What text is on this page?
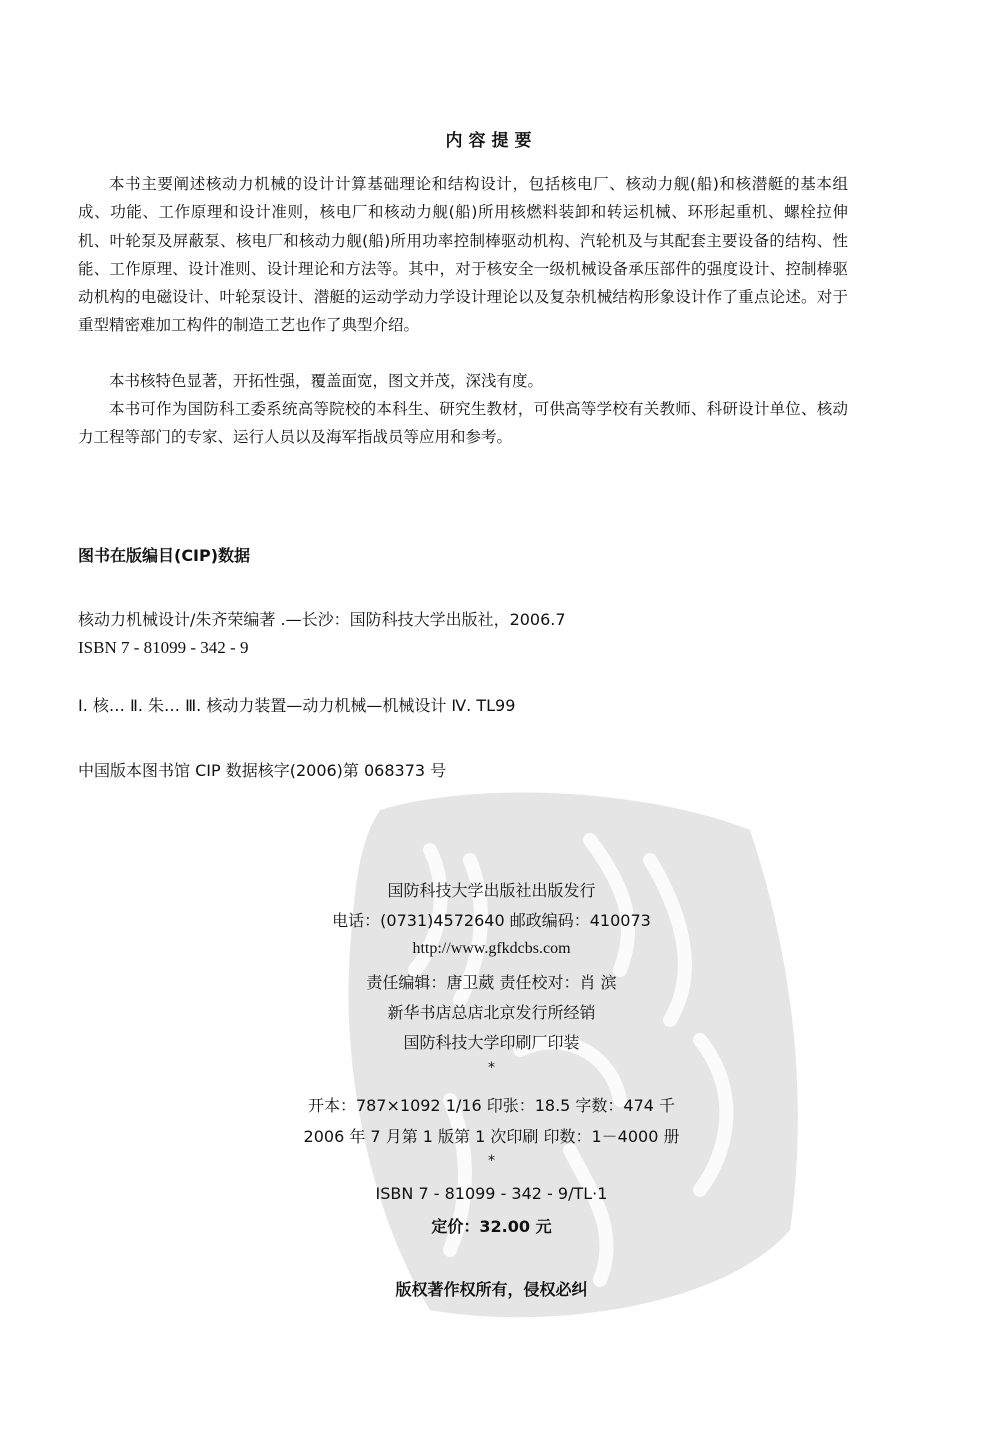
内容提要
本书主要阐述核动力机械的设计计算基础理论和结构设计，包括核电厂、核动力舰(船)和核潜艇的基本组成、功能、工作原理和设计准则，核电厂和核动力舰(船)所用核燃料装卸和转运机械、环形起重机、螺栓拉伸机、叶轮泵及屏蔽泵、核电厂和核动力舰(船)所用功率控制棒驱动机构、汽轮机及与其配套主要设备的结构、性能、工作原理、设计准则、设计理论和方法等。其中，对于核安全一级机械设备承压部件的强度设计、控制棒驱动机构的电磁设计、叶轮泵设计、潜艇的运动学动力学设计理论以及复杂机械结构形象设计作了重点论述。对于重型精密难加工构件的制造工艺也作了典型介绍。
本书核特色显著，开拓性强，覆盖面宽，图文并茂，深浅有度。
本书可作为国防科工委系统高等院校的本科生、研究生教材，可供高等学校有关教师、科研设计单位、核动力工程等部门的专家、运行人员以及海军指战员等应用和参考。
图书在版编目(CIP)数据
核动力机械设计/朱齐荣编著 .—长沙：国防科技大学出版社，2006.7
ISBN 7 - 81099 - 342 - 9
Ⅰ. 核… Ⅱ. 朱… Ⅲ. 核动力装置—动力机械—机械设计 Ⅳ. TL99
中国版本图书馆 CIP 数据核字(2006)第 068373 号
国防科技大学出版社出版发行
电话：(0731)4572640 邮政编码：410073
http://www.gfkdcbs.com
责任编辑：唐卫葳 责任校对：肖 滨
新华书店总店北京发行所经销
国防科技大学印刷厂印装
*
开本：787×1092 1/16 印张：18.5 字数：474 千
2006 年 7 月第 1 版第 1 次印刷 印数：1－4000 册
*
ISBN 7 - 81099 - 342 - 9/TL·1
定价：32.00 元
版权著作权所有，侵权必纠
